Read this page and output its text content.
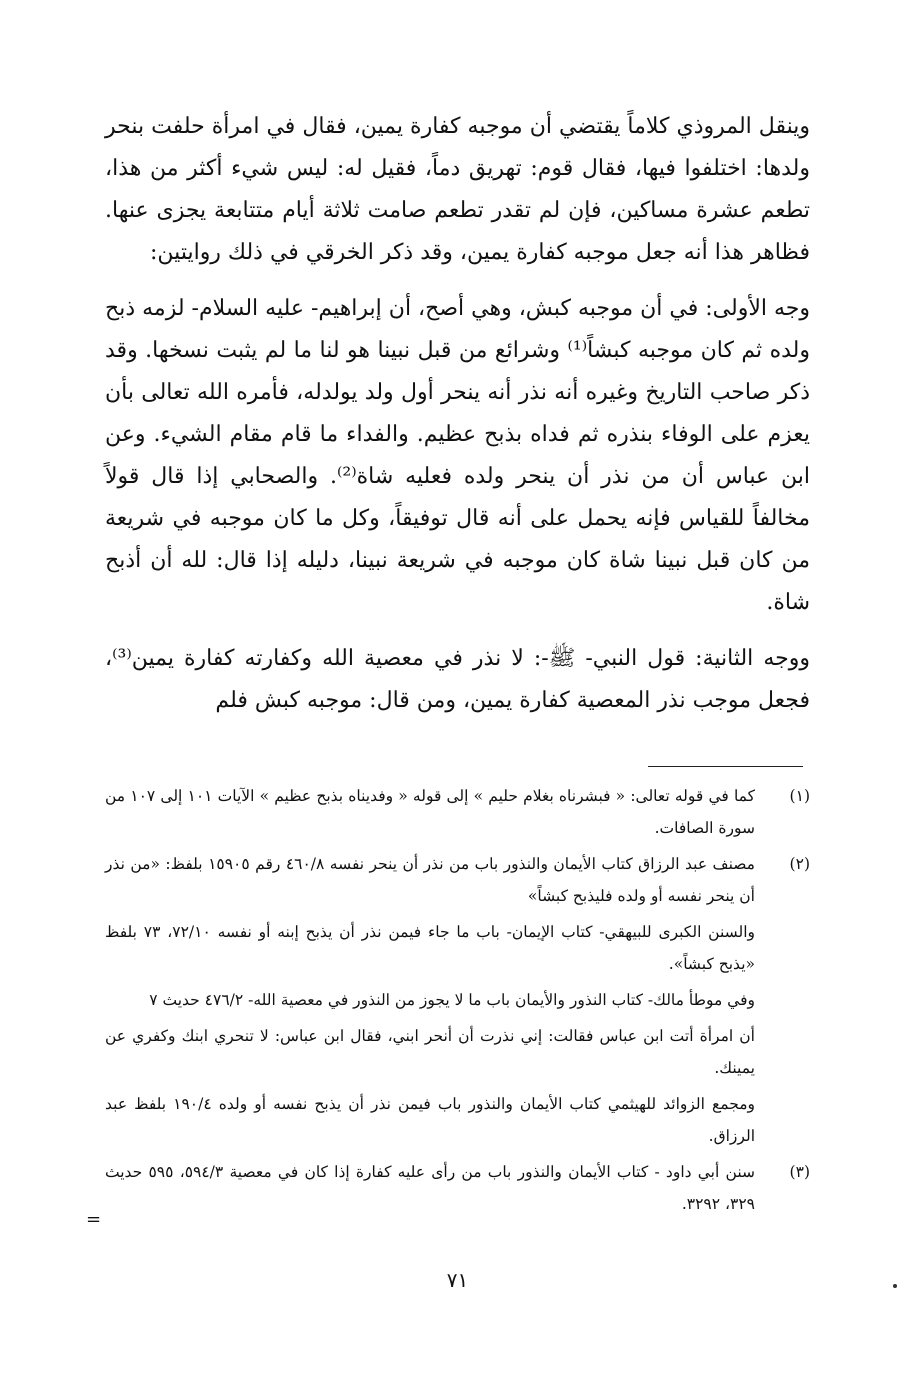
وينقل المروذي كلاماً يقتضي أن موجبه كفارة يمين، فقال في امرأة حلفت بنحر ولدها: اختلفوا فيها، فقال قوم: تهريق دماً، فقيل له: ليس شيء أكثر من هذا، تطعم عشرة مساكين، فإن لم تقدر تطعم صامت ثلاثة أيام متتابعة يجزى عنها. فظاهر هذا أنه جعل موجبه كفارة يمين، وقد ذكر الخرقي في ذلك روايتين:

وجه الأولى: في أن موجبه كبش، وهي أصح، أن إبراهيم- عليه السلام- لزمه ذبح ولده ثم كان موجبه كبشاً⁽¹⁾ وشرائع من قبل نبينا هو لنا ما لم يثبت نسخها. وقد ذكر صاحب التاريخ وغيره أنه نذر أنه ينحر أول ولد يولدله، فأمره الله تعالى بأن يعزم على الوفاء بنذره ثم فداه بذبح عظيم. والفداء ما قام مقام الشيء. وعن ابن عباس أن من نذر أن ينحر ولده فعليه شاة⁽²⁾. والصحابي إذا قال قولاً مخالفاً للقياس فإنه يحمل على أنه قال توفيقاً، وكل ما كان موجبه في شريعة من كان قبل نبينا شاة كان موجبه في شريعة نبينا، دليله إذا قال: لله أن أذبح شاة.

ووجه الثانية: قول النبي- ﷺ-: لا نذر في معصية الله وكفارته كفارة يمين⁽³⁾، فجعل موجب نذر المعصية كفارة يمين، ومن قال: موجبه كبش فلم

(١)
كما في قوله تعالى: « فبشرناه بغلام حليم » إلى قوله « وفديناه بذبح عظيم » الآيات ١٠١ إلى ١٠٧ من سورة الصافات.
(٢)
مصنف عبد الرزاق كتاب الأيمان والنذور باب من نذر أن ينحر نفسه ٤٦٠/٨ رقم ١٥٩٠٥ بلفظ: «من نذر أن ينحر نفسه أو ولده فليذبح كبشاً»
والسنن الكبرى للبيهقي- كتاب الإيمان- باب ما جاء فيمن نذر أن يذبح إبنه أو نفسه ٧٢/١٠، ٧٣ بلفظ «يذبح كبشاً».
وفي موطأ مالك- كتاب النذور والأيمان باب ما لا يجوز من النذور في معصية الله- ٤٧٦/٢ حديث ٧
أن امرأة أتت ابن عباس فقالت: إني نذرت أن أنحر ابني، فقال ابن عباس: لا تنحري ابنك وكفري عن يمينك.
ومجمع الزوائد للهيثمي كتاب الأيمان والنذور باب فيمن نذر أن يذبح نفسه أو ولده ١٩٠/٤ بلفظ عبد الرزاق.
(٣)
سنن أبي داود - كتاب الأيمان والنذور باب من رأى عليه كفارة إذا كان في معصية ٥٩٤/٣، ٥٩٥ حديث ٣٢٩، ٣٢٩٢.
=
٧١
